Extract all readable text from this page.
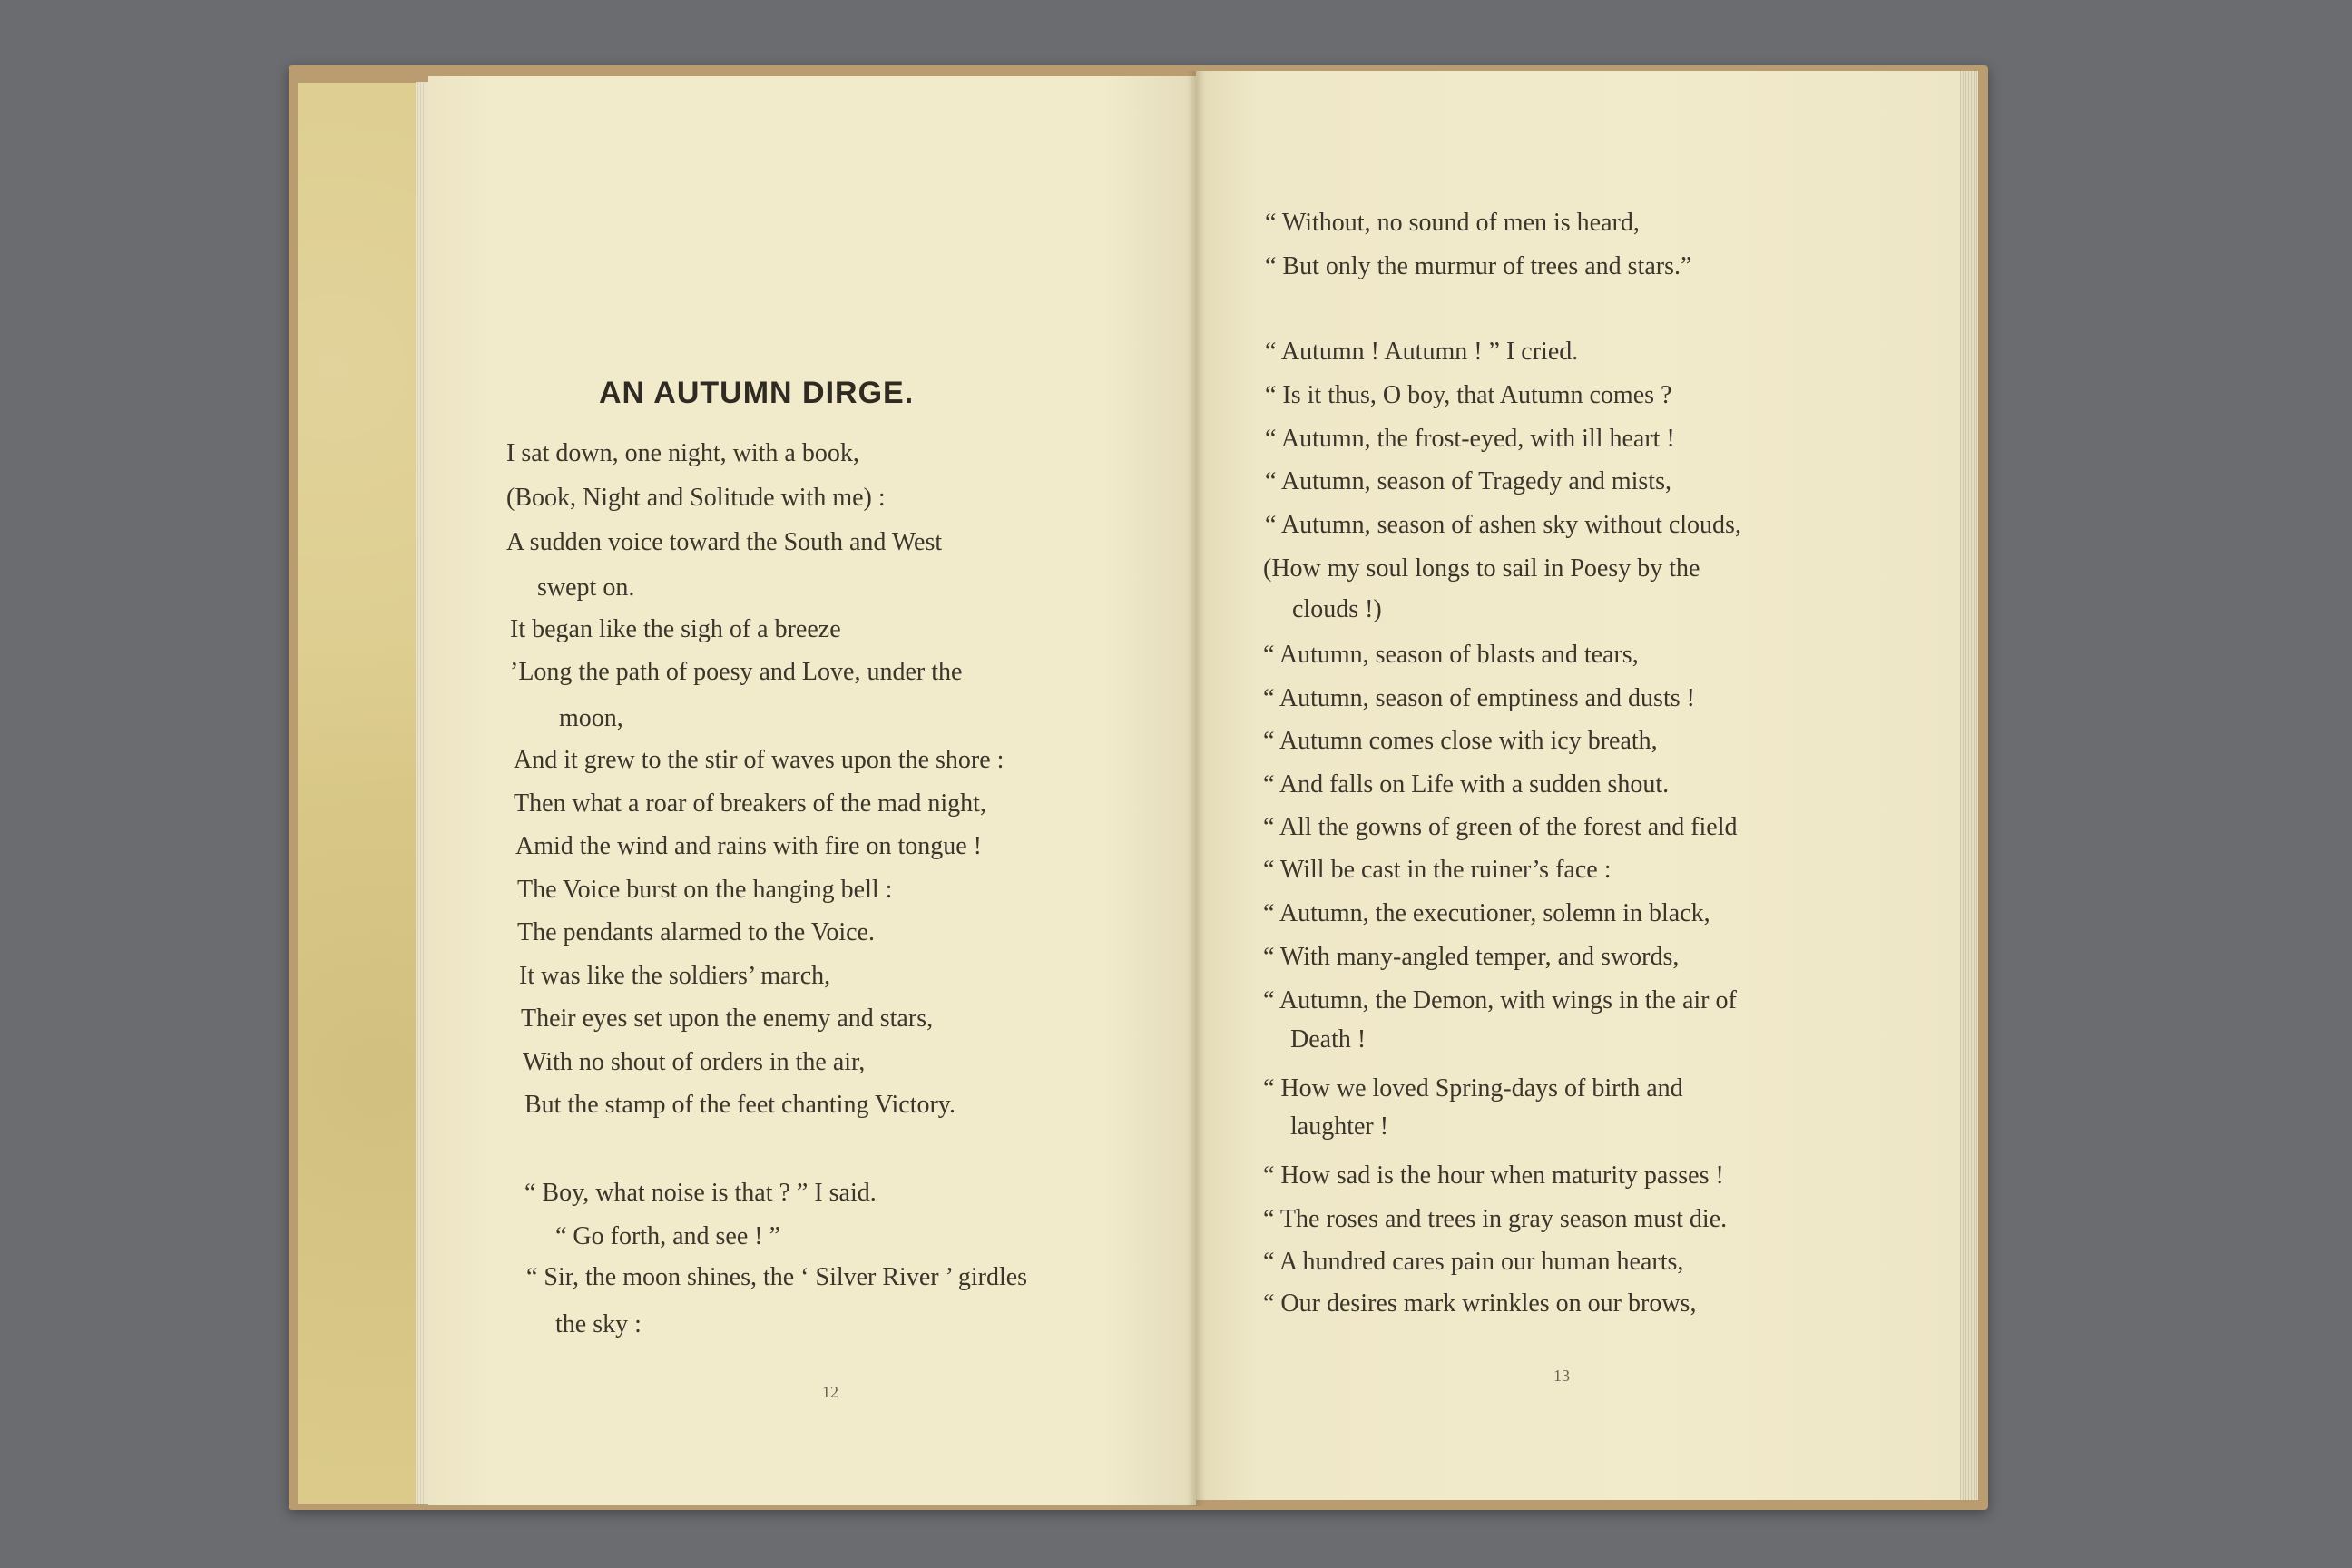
AN AUTUMN DIRGE.
I sat down, one night, with a book,
(Book, Night and Solitude with me) :
A sudden voice toward the South and West
swept on.
It began like the sigh of a breeze
’Long the path of poesy and Love, under the
moon,
And it grew to the stir of waves upon the shore :
Then what a roar of breakers of the mad night,
Amid the wind and rains with fire on tongue !
The Voice burst on the hanging bell :
The pendants alarmed to the Voice.
It was like the soldiers’ march,
Their eyes set upon the enemy and stars,
With no shout of orders in the air,
But the stamp of the feet chanting Victory.
“ Boy, what noise is that ? ” I said.
“ Go forth, and see ! ”
“ Sir, the moon shines, the ‘ Silver River ’ girdles
the sky :
12
“ Without, no sound of men is heard,
“ But only the murmur of trees and stars.”
“ Autumn ! Autumn ! ” I cried.
“ Is it thus, O boy, that Autumn comes ?
“ Autumn, the frost-eyed, with ill heart !
“ Autumn, season of Tragedy and mists,
“ Autumn, season of ashen sky without clouds,
(How my soul longs to sail in Poesy by the
clouds !)
“ Autumn, season of blasts and tears,
“ Autumn, season of emptiness and dusts !
“ Autumn comes close with icy breath,
“ And falls on Life with a sudden shout.
“ All the gowns of green of the forest and field
“ Will be cast in the ruiner’s face :
“ Autumn, the executioner, solemn in black,
“ With many-angled temper, and swords,
“ Autumn, the Demon, with wings in the air of
Death !
“ How we loved Spring-days of birth and
laughter !
“ How sad is the hour when maturity passes !
“ The roses and trees in gray season must die.
“ A hundred cares pain our human hearts,
“ Our desires mark wrinkles on our brows,
13
